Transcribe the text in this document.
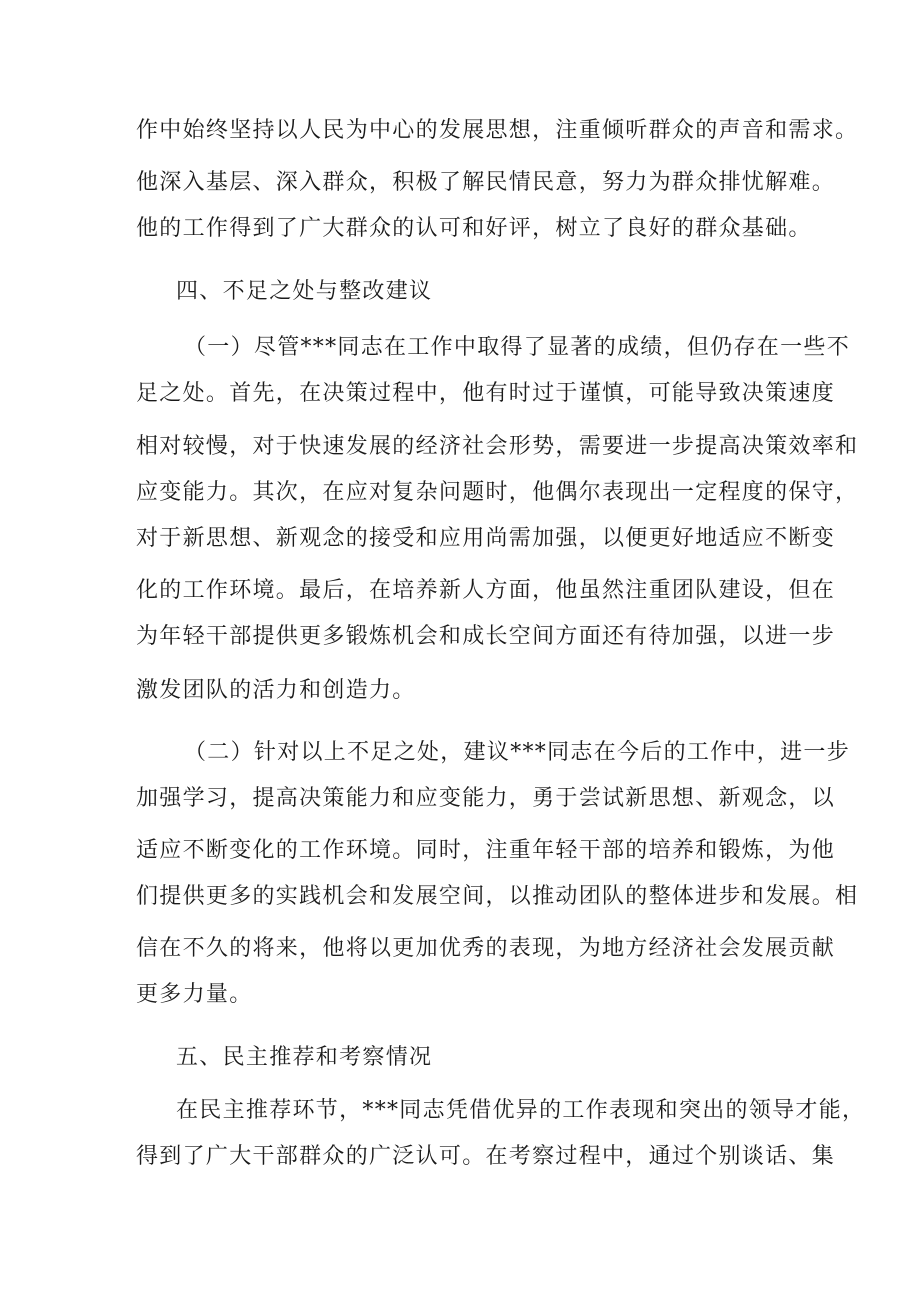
作中始终坚持以人民为中心的发展思想，注重倾听群众的声音和需求。

他深入基层、深入群众，积极了解民情民意，努力为群众排忧解难。

他的工作得到了广大群众的认可和好评，树立了良好的群众基础。

四、不足之处与整改建议

（一）尽管***同志在工作中取得了显著的成绩，但仍存在一些不

足之处。首先，在决策过程中，他有时过于谨慎，可能导致决策速度

相对较慢，对于快速发展的经济社会形势，需要进一步提高决策效率和

应变能力。其次，在应对复杂问题时，他偶尔表现出一定程度的保守，

对于新思想、新观念的接受和应用尚需加强，以便更好地适应不断变

化的工作环境。最后，在培养新人方面，他虽然注重团队建设，但在

为年轻干部提供更多锻炼机会和成长空间方面还有待加强，以进一步

激发团队的活力和创造力。

（二）针对以上不足之处，建议***同志在今后的工作中，进一步

加强学习，提高决策能力和应变能力，勇于尝试新思想、新观念，以

适应不断变化的工作环境。同时，注重年轻干部的培养和锻炼，为他

们提供更多的实践机会和发展空间，以推动团队的整体进步和发展。相

信在不久的将来，他将以更加优秀的表现，为地方经济社会发展贡献

更多力量。

五、民主推荐和考察情况

在民主推荐环节，***同志凭借优异的工作表现和突出的领导才能，

得到了广大干部群众的广泛认可。在考察过程中，通过个别谈话、集
